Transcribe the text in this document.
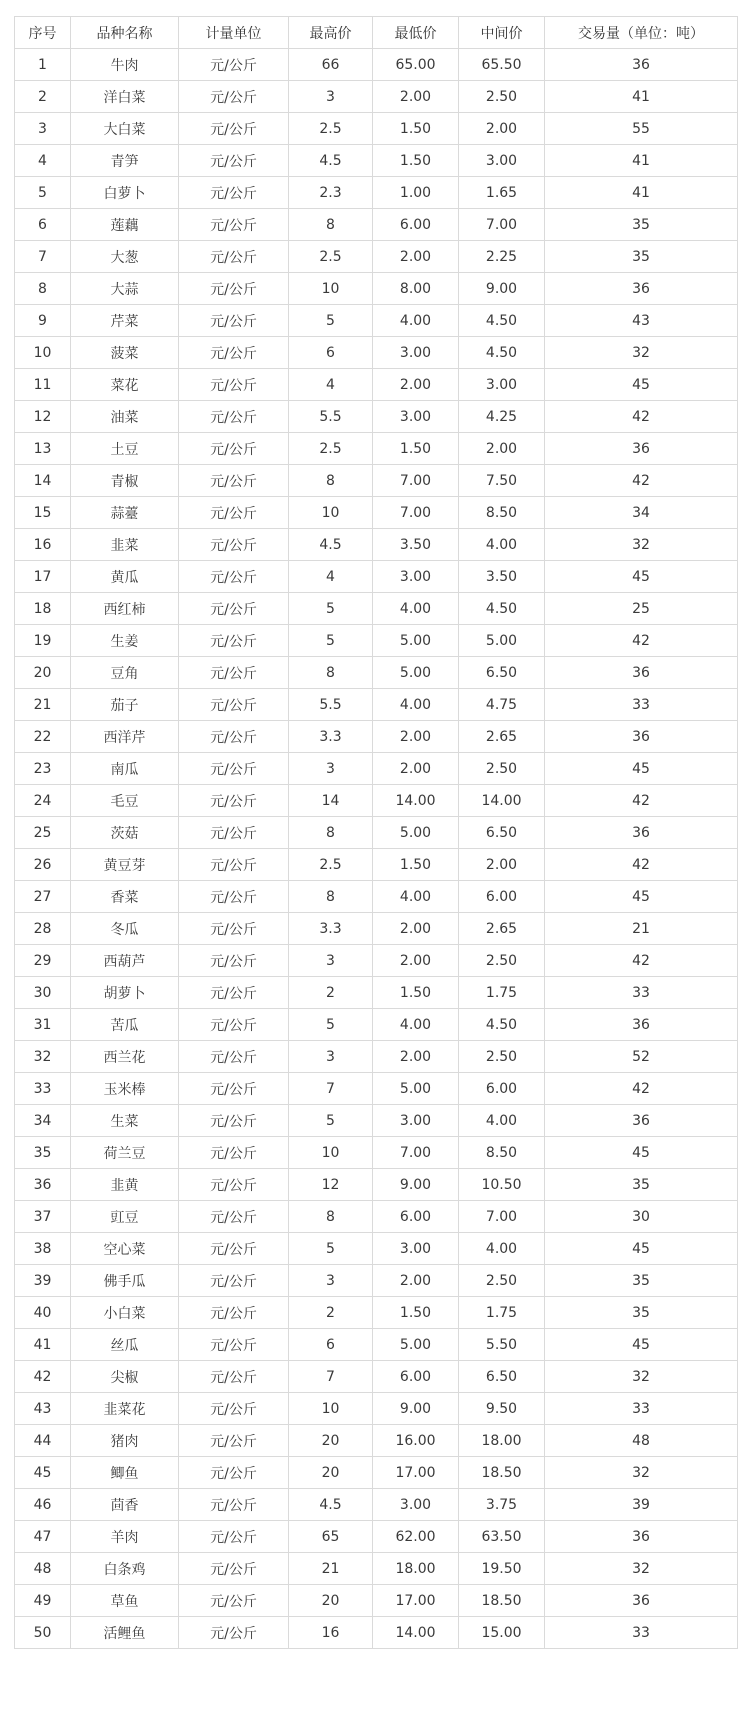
序号	品种名称	计量单位	最高价	最低价	中间价	交易量（单位：吨）
1	牛肉	元/公斤	66	65.00	65.50	36
2	洋白菜	元/公斤	3	2.00	2.50	41
3	大白菜	元/公斤	2.5	1.50	2.00	55
4	青笋	元/公斤	4.5	1.50	3.00	41
5	白萝卜	元/公斤	2.3	1.00	1.65	41
6	莲藕	元/公斤	8	6.00	7.00	35
7	大葱	元/公斤	2.5	2.00	2.25	35
8	大蒜	元/公斤	10	8.00	9.00	36
9	芹菜	元/公斤	5	4.00	4.50	43
10	菠菜	元/公斤	6	3.00	4.50	32
11	菜花	元/公斤	4	2.00	3.00	45
12	油菜	元/公斤	5.5	3.00	4.25	42
13	土豆	元/公斤	2.5	1.50	2.00	36
14	青椒	元/公斤	8	7.00	7.50	42
15	蒜薹	元/公斤	10	7.00	8.50	34
16	韭菜	元/公斤	4.5	3.50	4.00	32
17	黄瓜	元/公斤	4	3.00	3.50	45
18	西红柿	元/公斤	5	4.00	4.50	25
19	生姜	元/公斤	5	5.00	5.00	42
20	豆角	元/公斤	8	5.00	6.50	36
21	茄子	元/公斤	5.5	4.00	4.75	33
22	西洋芹	元/公斤	3.3	2.00	2.65	36
23	南瓜	元/公斤	3	2.00	2.50	45
24	毛豆	元/公斤	14	14.00	14.00	42
25	茨菇	元/公斤	8	5.00	6.50	36
26	黄豆芽	元/公斤	2.5	1.50	2.00	42
27	香菜	元/公斤	8	4.00	6.00	45
28	冬瓜	元/公斤	3.3	2.00	2.65	21
29	西葫芦	元/公斤	3	2.00	2.50	42
30	胡萝卜	元/公斤	2	1.50	1.75	33
31	苦瓜	元/公斤	5	4.00	4.50	36
32	西兰花	元/公斤	3	2.00	2.50	52
33	玉米棒	元/公斤	7	5.00	6.00	42
34	生菜	元/公斤	5	3.00	4.00	36
35	荷兰豆	元/公斤	10	7.00	8.50	45
36	韭黄	元/公斤	12	9.00	10.50	35
37	豇豆	元/公斤	8	6.00	7.00	30
38	空心菜	元/公斤	5	3.00	4.00	45
39	佛手瓜	元/公斤	3	2.00	2.50	35
40	小白菜	元/公斤	2	1.50	1.75	35
41	丝瓜	元/公斤	6	5.00	5.50	45
42	尖椒	元/公斤	7	6.00	6.50	32
43	韭菜花	元/公斤	10	9.00	9.50	33
44	猪肉	元/公斤	20	16.00	18.00	48
45	鲫鱼	元/公斤	20	17.00	18.50	32
46	茴香	元/公斤	4.5	3.00	3.75	39
47	羊肉	元/公斤	65	62.00	63.50	36
48	白条鸡	元/公斤	21	18.00	19.50	32
49	草鱼	元/公斤	20	17.00	18.50	36
50	活鲤鱼	元/公斤	16	14.00	15.00	33
